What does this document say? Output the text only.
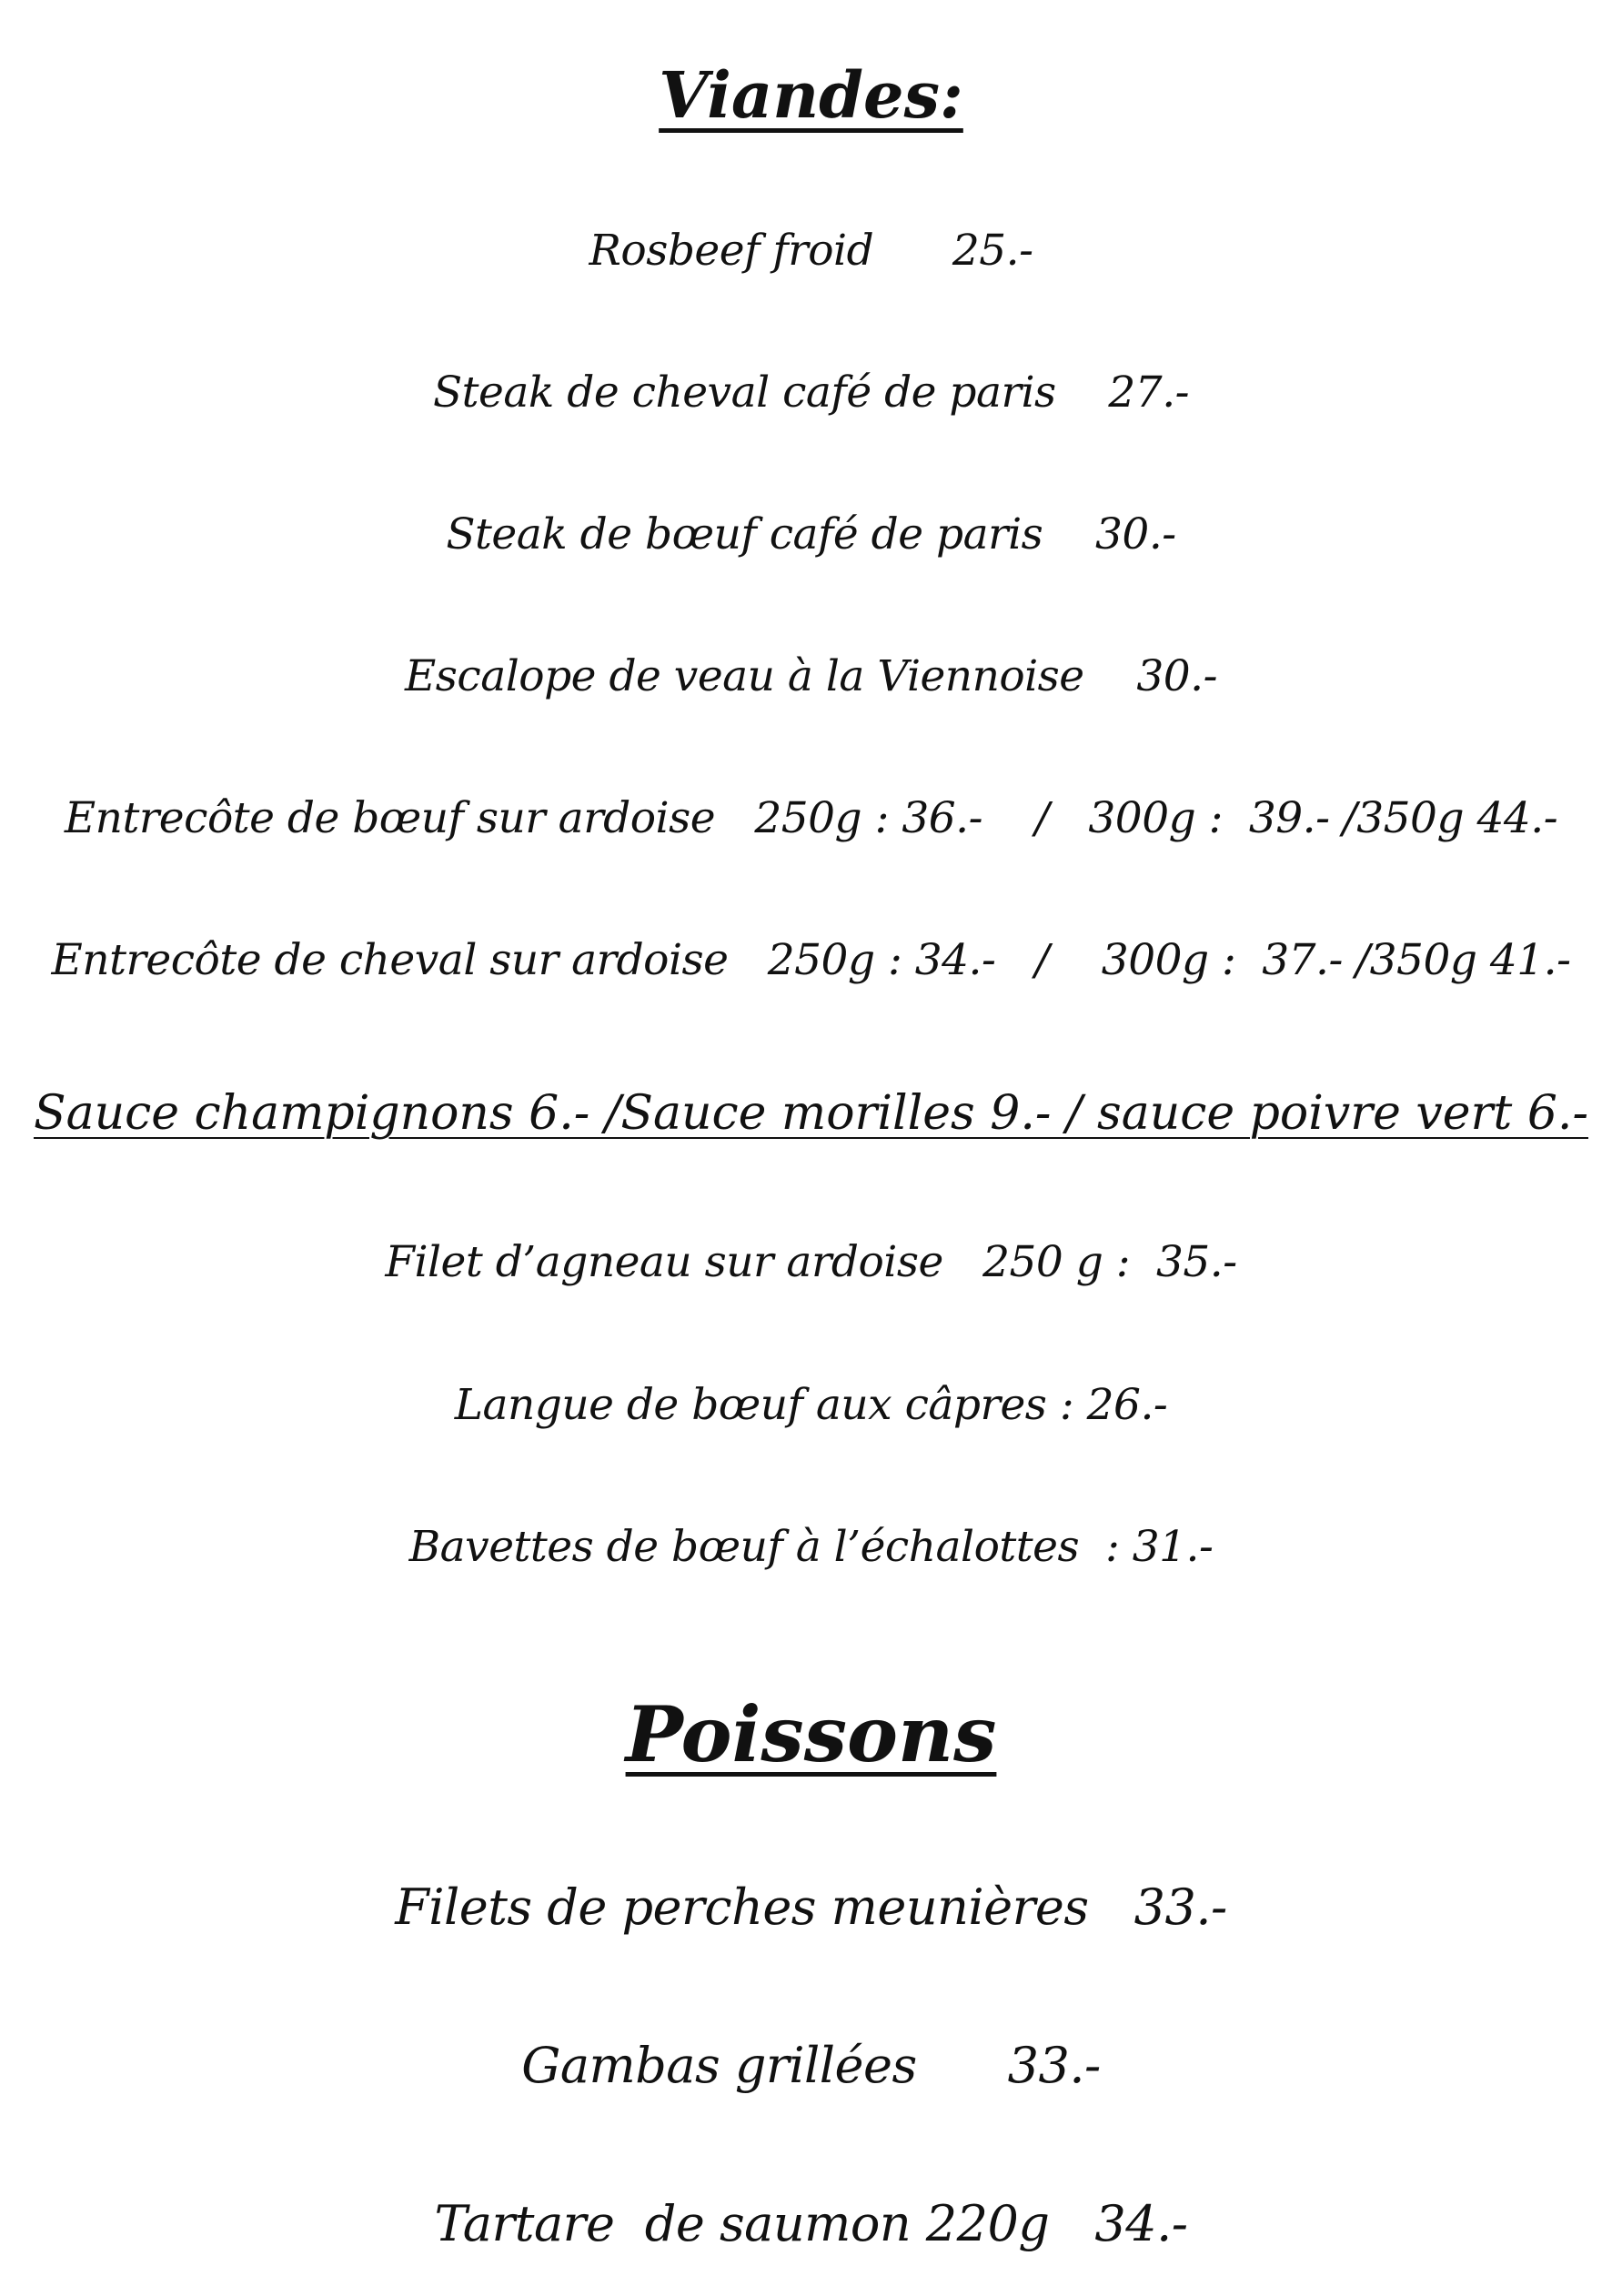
Viandes:
Rosbeef froid      25.-
Steak de cheval café de paris    27.-
Steak de bœuf café de paris    30.-
Escalope de veau à la Viennoise    30.-
Entrecôte de bœuf sur ardoise   250g : 36.-    /   300g :  39.- /350g 44.-
Entrecôte de cheval sur ardoise   250g : 34.-   /    300g :  37.- /350g 41.-
Sauce champignons 6.- /Sauce morilles 9.- / sauce poivre vert 6.-
Filet d’agneau sur ardoise   250 g :  35.-
Langue de bœuf aux câpres : 26.-
Bavettes de bœuf à l’échalottes  : 31.-
Poissons
Filets de perches meunières   33.-
Gambas grillées      33.-
Tartare  de saumon 220g   34.-
